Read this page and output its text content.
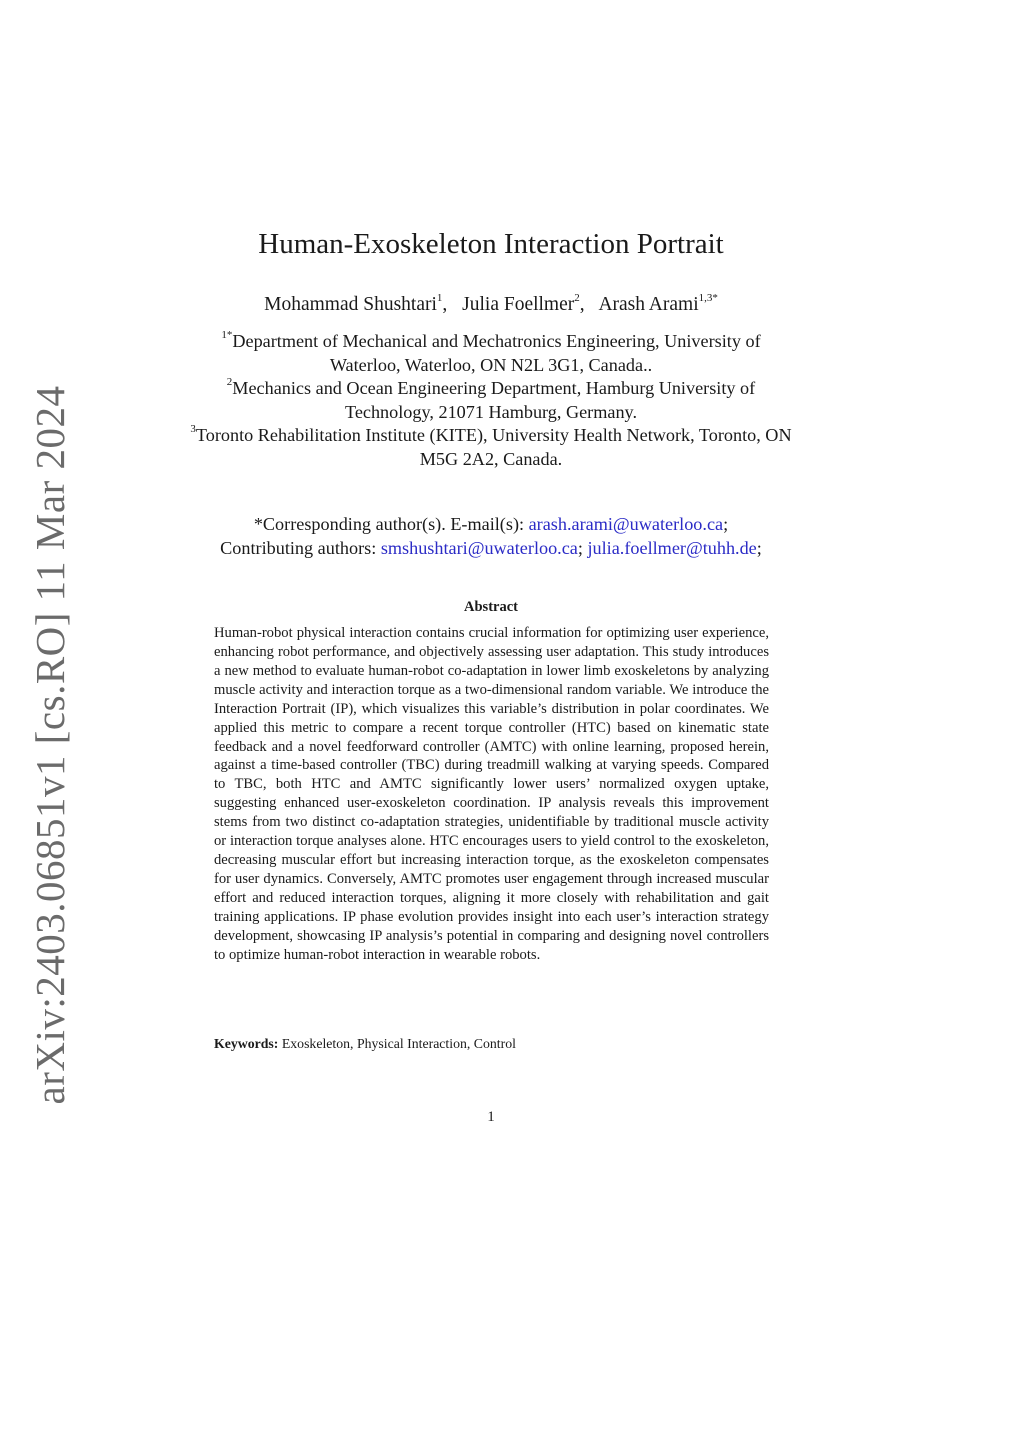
arXiv:2403.06851v1 [cs.RO] 11 Mar 2024
Human-Exoskeleton Interaction Portrait
Mohammad Shushtari$^1$, Julia Foellmer$^2$, Arash Arami$^{1,3*}$
$^{1*}$Department of Mechanical and Mechatronics Engineering, University of Waterloo, Waterloo, ON N2L 3G1, Canada..
$^2$Mechanics and Ocean Engineering Department, Hamburg University of Technology, 21071 Hamburg, Germany.
$^3$Toronto Rehabilitation Institute (KITE), University Health Network, Toronto, ON M5G 2A2, Canada.
*Corresponding author(s). E-mail(s): arash.arami@uwaterloo.ca;
Contributing authors: smshushtari@uwaterloo.ca; julia.foellmer@tuhh.de;
Abstract
Human-robot physical interaction contains crucial information for optimizing user experience, enhancing robot performance, and objectively assessing user adaptation. This study introduces a new method to evaluate human-robot co-adaptation in lower limb exoskeletons by analyzing muscle activity and interaction torque as a two-dimensional random variable. We introduce the Interaction Portrait (IP), which visualizes this variable’s distribution in polar coordinates. We applied this metric to compare a recent torque controller (HTC) based on kinematic state feedback and a novel feedforward controller (AMTC) with online learning, proposed herein, against a time-based controller (TBC) during treadmill walking at varying speeds. Compared to TBC, both HTC and AMTC significantly lower users’ normalized oxygen uptake, suggesting enhanced user-exoskeleton coordination. IP analysis reveals this improvement stems from two distinct co-adaptation strategies, unidentifiable by traditional muscle activity or interaction torque analyses alone. HTC encourages users to yield control to the exoskeleton, decreasing muscular effort but increasing interaction torque, as the exoskeleton compensates for user dynamics. Conversely, AMTC promotes user engagement through increased muscular effort and reduced interaction torques, aligning it more closely with rehabilitation and gait training applications. IP phase evolution provides insight into each user’s interaction strategy development, showcasing IP analysis’s potential in comparing and designing novel controllers to optimize human-robot interaction in wearable robots.
Keywords: Exoskeleton, Physical Interaction, Control
1
